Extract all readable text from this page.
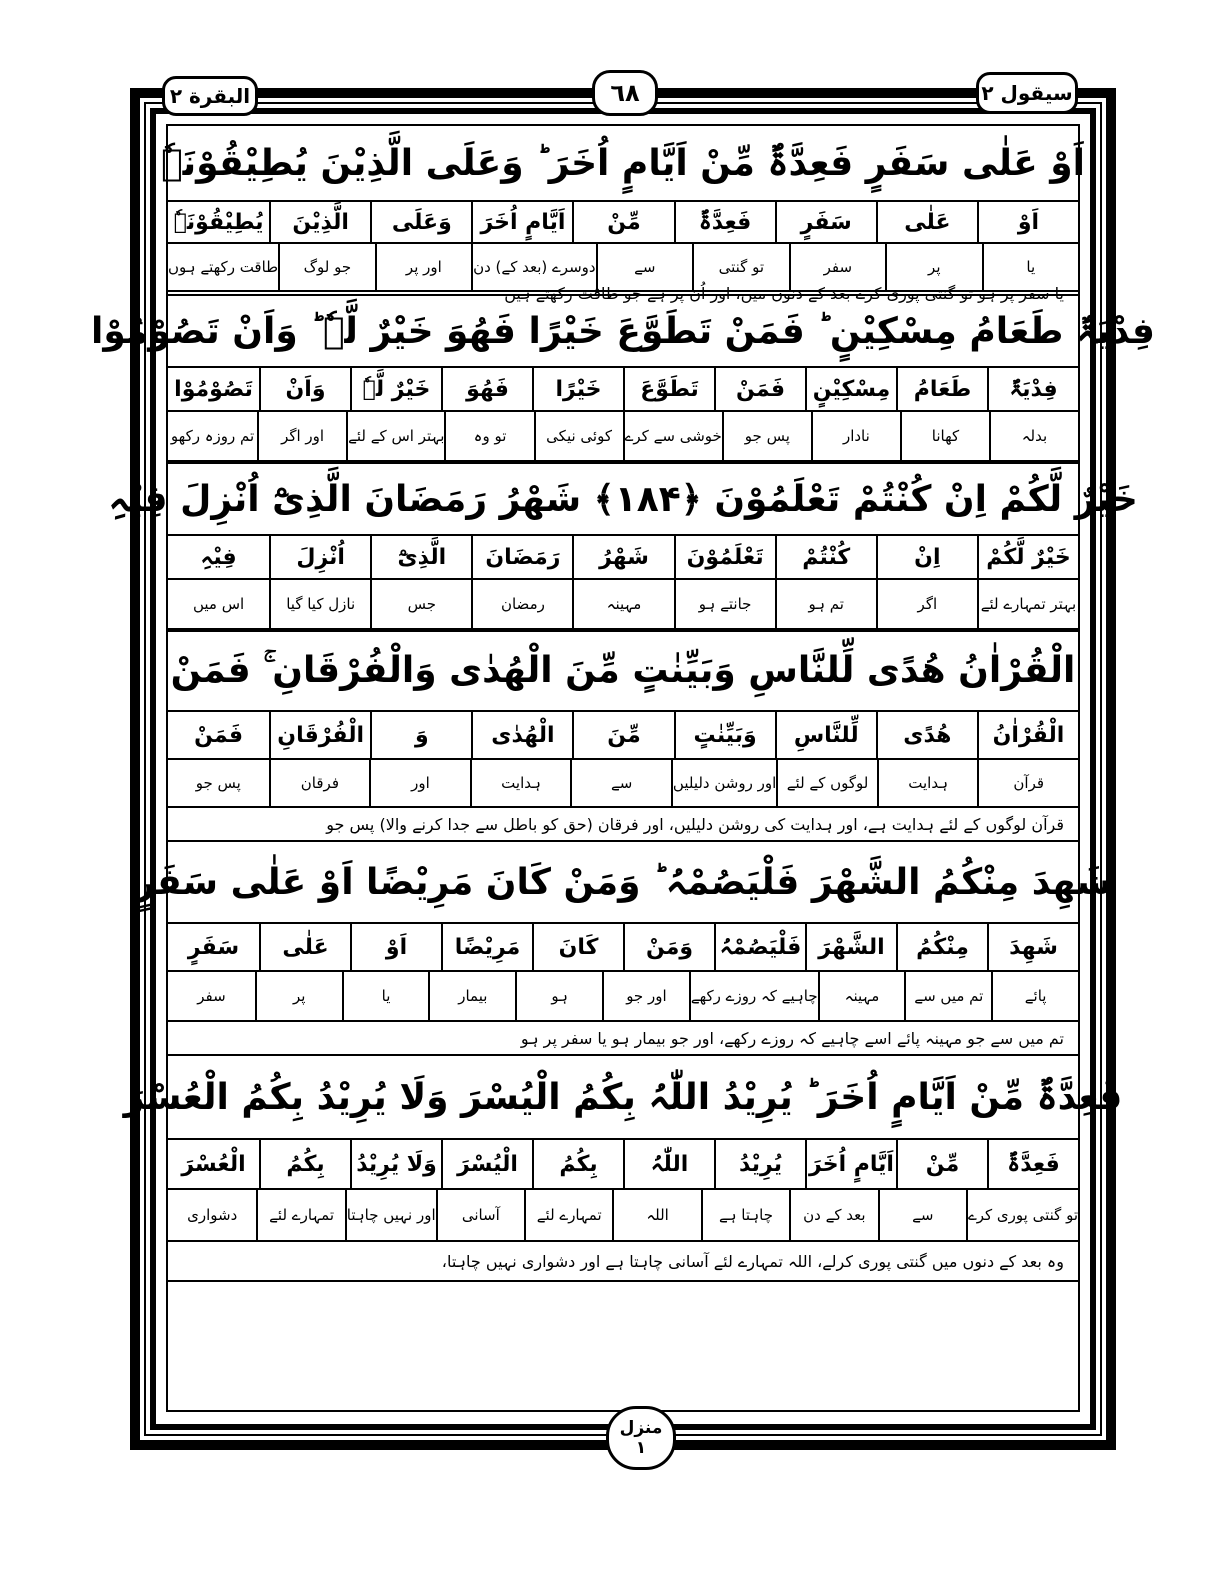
البقرة ۲	٦٨	سیقول ۲
اَوْ عَلٰی سَفَرٍ فَعِدَّۃٌ مِّنْ اَیَّامٍ اُخَرَ ؕ وَعَلَی الَّذِیْنَ یُطِیْقُوْنَہٗ
اَوْ
عَلٰی
سَفَرٍ
فَعِدَّۃٌ
مِّنْ
اَیَّامٍ اُخَرَ
وَعَلَی
الَّذِیْنَ
یُطِیْقُوْنَہٗ
یا
پر
سفر
تو گنتی
سے
دوسرے (بعد کے) دن
اور پر
جو لوگ
طاقت رکھتے ہوں
یا سفر پر ہو تو گنتی پوری کرے بعد کے دنوں میں، اور اُن پر ہے جو طاقت رکھتے ہیں
فِدْیَۃٌ طَعَامُ مِسْکِیْنٍ ؕ فَمَنْ تَطَوَّعَ خَیْرًا فَھُوَ خَیْرٌ لَّہٗ ؕ وَاَنْ تَصُوْمُوْا
فِدْیَۃٌ
طَعَامُ
مِسْکِیْنٍ
فَمَنْ
تَطَوَّعَ
خَیْرًا
فَھُوَ
خَیْرٌ لَّہٗ
وَاَنْ
تَصُوْمُوْا
بدلہ
کھانا
نادار
پس جو
خوشی سے کرے
کوئی نیکی
تو وہ
بہتر اس کے لئے
اور اگر
تم روزہ رکھو
خَیْرٌ لَّکُمْ اِنْ کُنْتُمْ تَعْلَمُوْنَ ﴿۱۸۴﴾ شَھْرُ رَمَضَانَ الَّذِیْٓ اُنْزِلَ فِیْہِ
خَیْرٌ لَّکُمْ
اِنْ
کُنْتُمْ
تَعْلَمُوْنَ
شَھْرُ
رَمَضَانَ
الَّذِیْٓ
اُنْزِلَ
فِیْہِ
بہتر تمہارے لئے
اگر
تم ہو
جانتے ہو
مہینہ
رمضان
جس
نازل کیا گیا
اس میں
الْقُرْاٰنُ ھُدًی لِّلنَّاسِ وَبَیِّنٰتٍ مِّنَ الْھُدٰی وَالْفُرْقَانِ ۚ فَمَنْ
الْقُرْاٰنُ
ھُدًی
لِّلنَّاسِ
وَبَیِّنٰتٍ
مِّنَ
الْھُدٰی
وَ
الْفُرْقَانِ
فَمَنْ
قرآن
ہدایت
لوگوں کے لئے
اور روشن دلیلیں
سے
ہدایت
اور
فرقان
پس جو
قرآن لوگوں کے لئے ہدایت ہے، اور ہدایت کی روشن دلیلیں، اور فرقان (حق کو باطل سے جدا کرنے والا) پس جو
شَھِدَ مِنْکُمُ الشَّھْرَ فَلْیَصُمْہُ ؕ وَمَنْ کَانَ مَرِیْضًا اَوْ عَلٰی سَفَرٍ
شَھِدَ
مِنْکُمُ
الشَّھْرَ
فَلْیَصُمْہُ
وَمَنْ
کَانَ
مَرِیْضًا
اَوْ
عَلٰی
سَفَرٍ
پائے
تم میں سے
مہینہ
چاہیے کہ روزے رکھے
اور جو
ہو
بیمار
یا
پر
سفر
تم میں سے جو مہینہ پائے اسے چاہیے کہ روزے رکھے، اور جو بیمار ہو یا سفر پر ہو
فَعِدَّۃٌ مِّنْ اَیَّامٍ اُخَرَ ؕ یُرِیْدُ اللّٰہُ بِکُمُ الْیُسْرَ وَلَا یُرِیْدُ بِکُمُ الْعُسْرَ
فَعِدَّۃٌ
مِّنْ
اَیَّامٍ اُخَرَ
یُرِیْدُ
اللّٰہُ
بِکُمُ
الْیُسْرَ
وَلَا یُرِیْدُ
بِکُمُ
الْعُسْرَ
تو گنتی پوری کرے
سے
بعد کے دن
چاہتا ہے
اللہ
تمہارے لئے
آسانی
اور نہیں چاہتا
تمہارے لئے
دشواری
وہ بعد کے دنوں میں گنتی پوری کرلے، اللہ تمہارے لئے آسانی چاہتا ہے اور دشواری نہیں چاہتا،
منزل
۱
